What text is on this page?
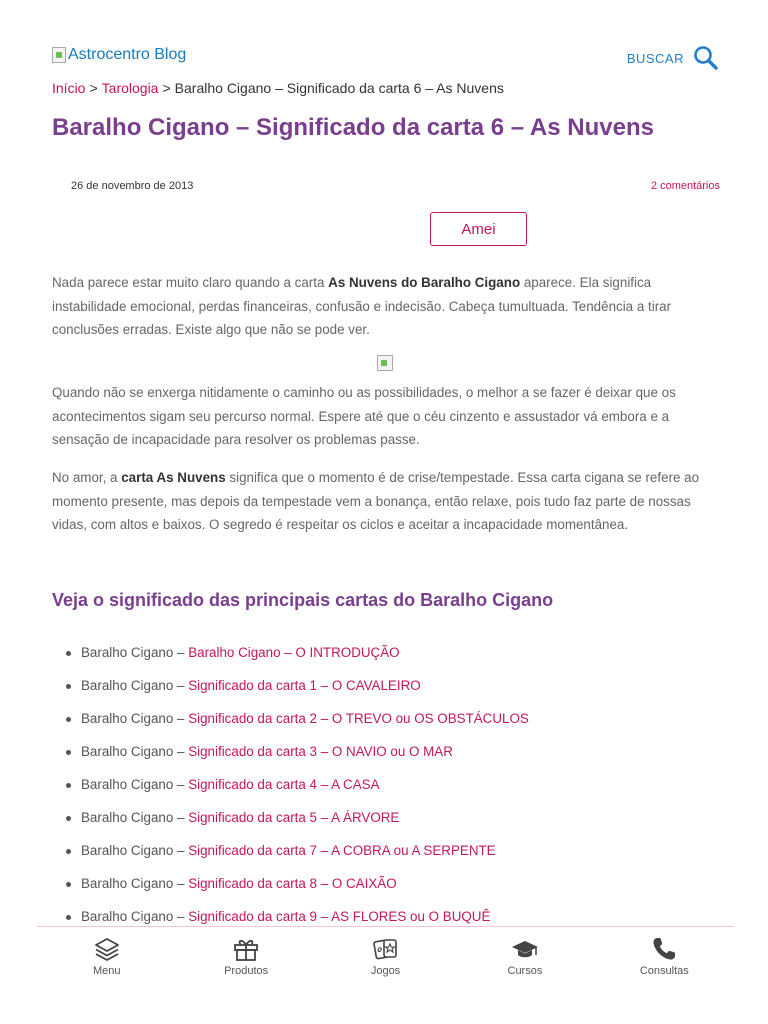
Astrocentro Blog	BUSCAR
Início > Tarologia > Baralho Cigano – Significado da carta 6 – As Nuvens
Baralho Cigano – Significado da carta 6 – As Nuvens
26 de novembro de 2013	2 comentários
Amei

Nada parece estar muito claro quando a carta As Nuvens do Baralho Cigano aparece. Ela significa instabilidade emocional, perdas financeiras, confusão e indecisão. Cabeça tumultuada. Tendência a tirar conclusões erradas. Existe algo que não se pode ver.

Quando não se enxerga nitidamente o caminho ou as possibilidades, o melhor a se fazer é deixar que os acontecimentos sigam seu percurso normal. Espere até que o céu cinzento e assustador vá embora e a sensação de incapacidade para resolver os problemas passe.

No amor, a carta As Nuvens significa que o momento é de crise/tempestade. Essa carta cigana se refere ao momento presente, mas depois da tempestade vem a bonança, então relaxe, pois tudo faz parte de nossas vidas, com altos e baixos. O segredo é respeitar os ciclos e aceitar a incapacidade momentânea.

Veja o significado das principais cartas do Baralho Cigano
Baralho Cigano – Baralho Cigano – O INTRODUÇÃO
Baralho Cigano – Significado da carta 1 – O CAVALEIRO
Baralho Cigano – Significado da carta 2 – O TREVO ou OS OBSTÁCULOS
Baralho Cigano – Significado da carta 3 – O NAVIO ou O MAR
Baralho Cigano – Significado da carta 4 – A CASA
Baralho Cigano – Significado da carta 5 – A ÁRVORE
Baralho Cigano – Significado da carta 7 – A COBRA ou A SERPENTE
Baralho Cigano – Significado da carta 8 – O CAIXÃO
Baralho Cigano – Significado da carta 9 – AS FLORES ou O BUQUÊ
Menu	Produtos	Jogos	Cursos	Consultas
